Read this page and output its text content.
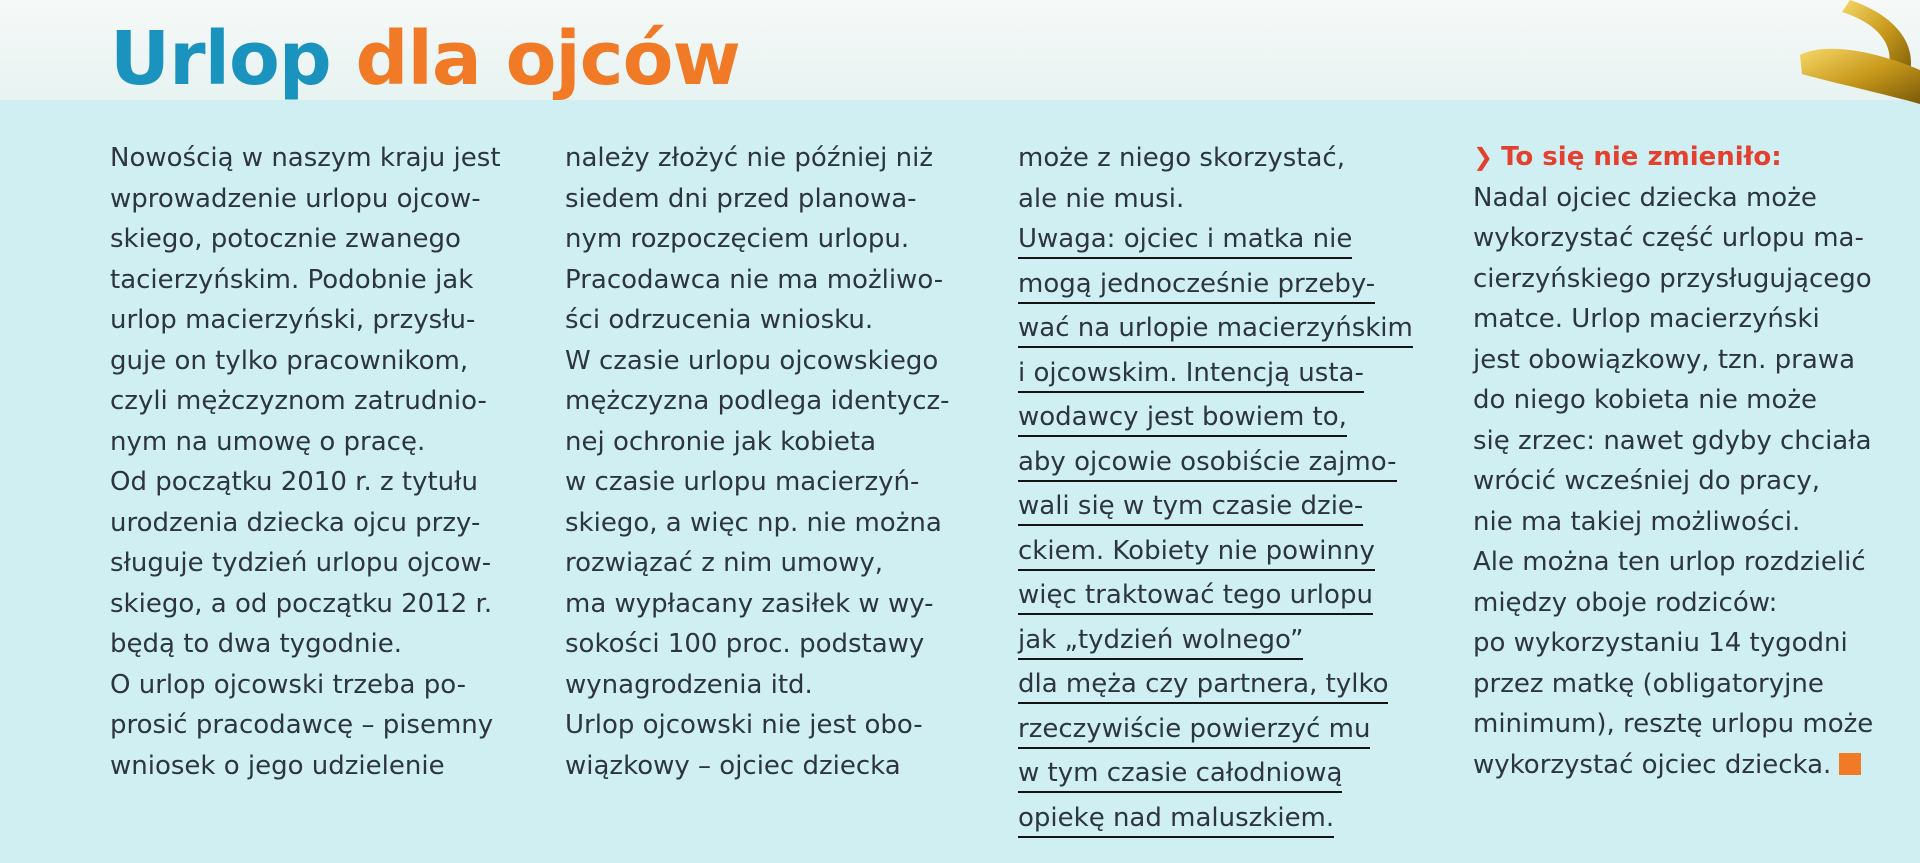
Urlop dla ojców
Nowością w naszym kraju jest
wprowadzenie urlopu ojcow-
skiego, potocznie zwanego
tacierzyńskim. Podobnie jak
urlop macierzyński, przysłu-
guje on tylko pracownikom,
czyli mężczyznom zatrudnio-
nym na umowę o pracę.
Od początku 2010 r. z tytułu
urodzenia dziecka ojcu przy-
sługuje tydzień urlopu ojcow-
skiego, a od początku 2012 r.
będą to dwa tygodnie.
O urlop ojcowski trzeba po-
prosić pracodawcę – pisemny
wniosek o jego udzielenie
należy złożyć nie później niż
siedem dni przed planowa-
nym rozpoczęciem urlopu.
Pracodawca nie ma możliwo-
ści odrzucenia wniosku.
W czasie urlopu ojcowskiego
mężczyzna podlega identycz-
nej ochronie jak kobieta
w czasie urlopu macierzyń-
skiego, a więc np. nie można
rozwiązać z nim umowy,
ma wypłacany zasiłek w wy-
sokości 100 proc. podstawy
wynagrodzenia itd.
Urlop ojcowski nie jest obo-
wiązkowy – ojciec dziecka
może z niego skorzystać,
ale nie musi.
Uwaga: ojciec i matka nie
mogą jednocześnie przeby-
wać na urlopie macierzyńskim
i ojcowskim. Intencją usta-
wodawcy jest bowiem to,
aby ojcowie osobiście zajmo-
wali się w tym czasie dzie-
ckiem. Kobiety nie powinny
więc traktować tego urlopu
jak „tydzień wolnego”
dla męża czy partnera, tylko
rzeczywiście powierzyć mu
w tym czasie całodniową
opiekę nad maluszkiem.
❯ To się nie zmieniło:
Nadal ojciec dziecka może
wykorzystać część urlopu ma-
cierzyńskiego przysługującego
matce. Urlop macierzyński
jest obowiązkowy, tzn. prawa
do niego kobieta nie może
się zrzec: nawet gdyby chciała
wrócić wcześniej do pracy,
nie ma takiej możliwości.
Ale można ten urlop rozdzielić
między oboje rodziców:
po wykorzystaniu 14 tygodni
przez matkę (obligatoryjne
minimum), resztę urlopu może
wykorzystać ojciec dziecka.
